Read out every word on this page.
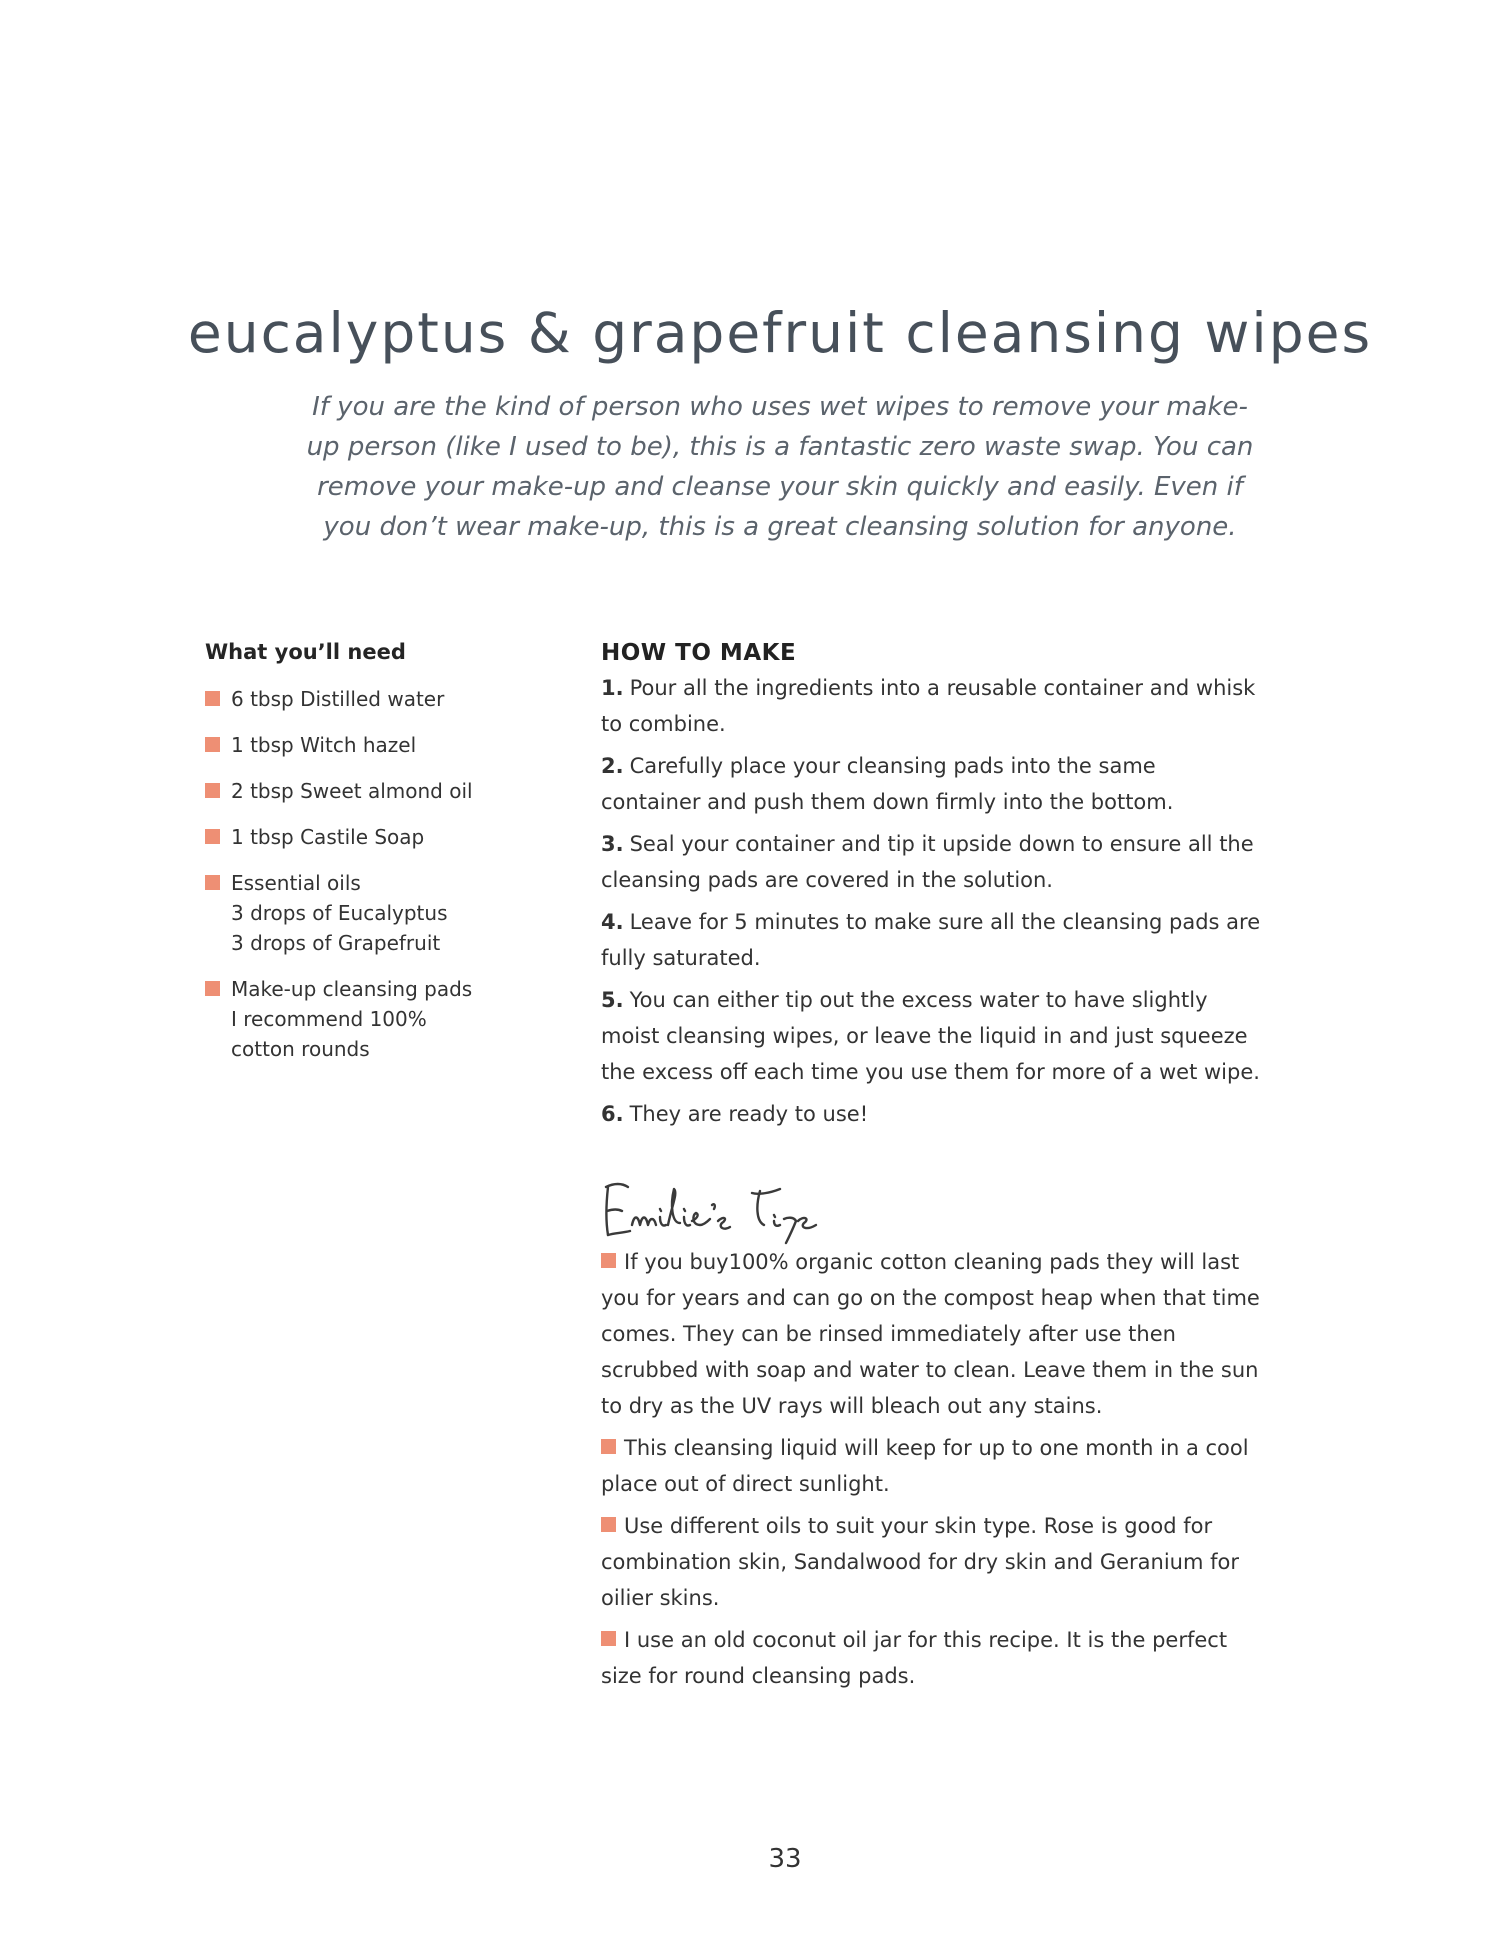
eucalyptus & grapefruit cleansing wipes

If you are the kind of person who uses wet wipes to remove your make-up person (like I used to be), this is a fantastic zero waste swap. You can remove your make-up and cleanse your skin quickly and easily. Even if you don’t wear make-up, this is a great cleansing solution for anyone.

What you’ll need
6 tbsp Distilled water
1 tbsp Witch hazel
2 tbsp Sweet almond oil
1 tbsp Castile Soap
Essential oils
3 drops of Eucalyptus
3 drops of Grapefruit
Make-up cleansing pads
I recommend 100%
cotton rounds
HOW TO MAKE
1. Pour all the ingredients into a reusable container and whisk to combine.
2. Carefully place your cleansing pads into the same container and push them down firmly into the bottom.
3. Seal your container and tip it upside down to ensure all the cleansing pads are covered in the solution.
4. Leave for 5 minutes to make sure all the cleansing pads are fully saturated.
5. You can either tip out the excess water to have slightly moist cleansing wipes, or leave the liquid in and just squeeze the excess off each time you use them for more of a wet wipe.
6. They are ready to use!
If you buy100% organic cotton cleaning pads they will last you for years and can go on the compost heap when that time comes. They can be rinsed immediately after use then scrubbed with soap and water to clean. Leave them in the sun to dry as the UV rays will bleach out any stains.
This cleansing liquid will keep for up to one month in a cool place out of direct sunlight.
Use different oils to suit your skin type. Rose is good for combination skin, Sandalwood for dry skin and Geranium for oilier skins.
I use an old coconut oil jar for this recipe. It is the perfect size for round cleansing pads.
33
